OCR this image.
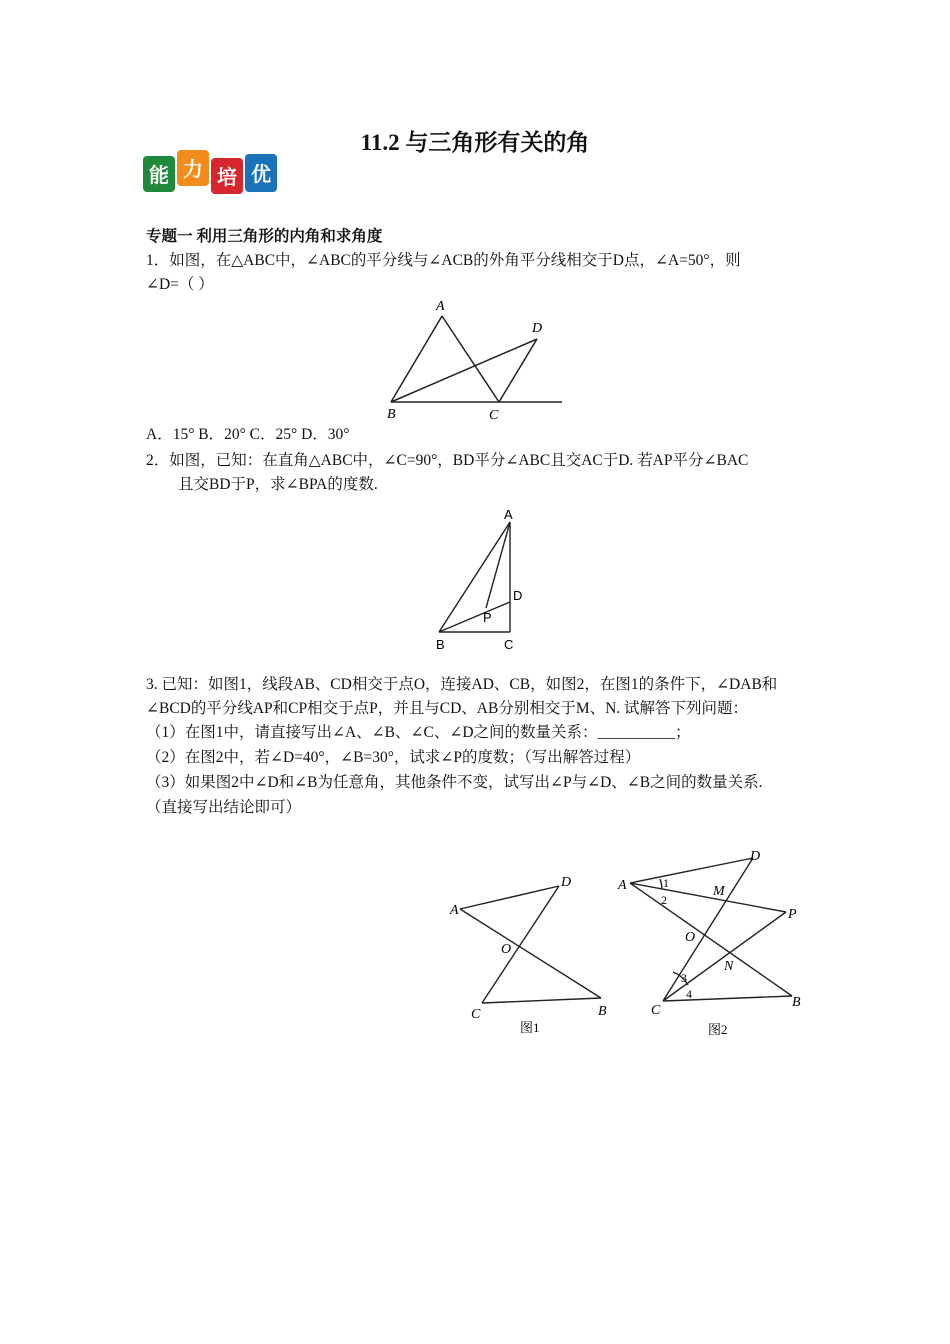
11.2 与三角形有关的角
能 力 培 优
专题一 利用三角形的内角和求角度
1．如图，在△ABC中，∠ABC的平分线与∠ACB的外角平分线相交于D点，∠A=50°，则
∠D=（ ）
A
B	C
D
A．15° B．20° C．25° D．30°
2．如图，已知：在直角△ABC中，∠C=90°，BD平分∠ABC且交AC于D. 若AP平分∠BAC
且交BD于P，求∠BPA的度数.
A
B	C
D
P
3. 已知：如图1，线段AB、CD相交于点O，连接AD、CB，如图2，在图1的条件下，∠DAB和
∠BCD的平分线AP和CP相交于点P，并且与CD、AB分别相交于M、N. 试解答下列问题：
（1）在图1中，请直接写出∠A、∠B、∠C、∠D之间的数量关系：__________；
（2）在图2中，若∠D=40°，∠B=30°，试求∠P的度数；（写出解答过程）
（3）如果图2中∠D和∠B为任意角，其他条件不变，试写出∠P与∠D、∠B之间的数量关系.
（直接写出结论即可）
A
D
O
C	B
图1
A
D
M
P
O
N
C
B
1
2
3
4
图2
